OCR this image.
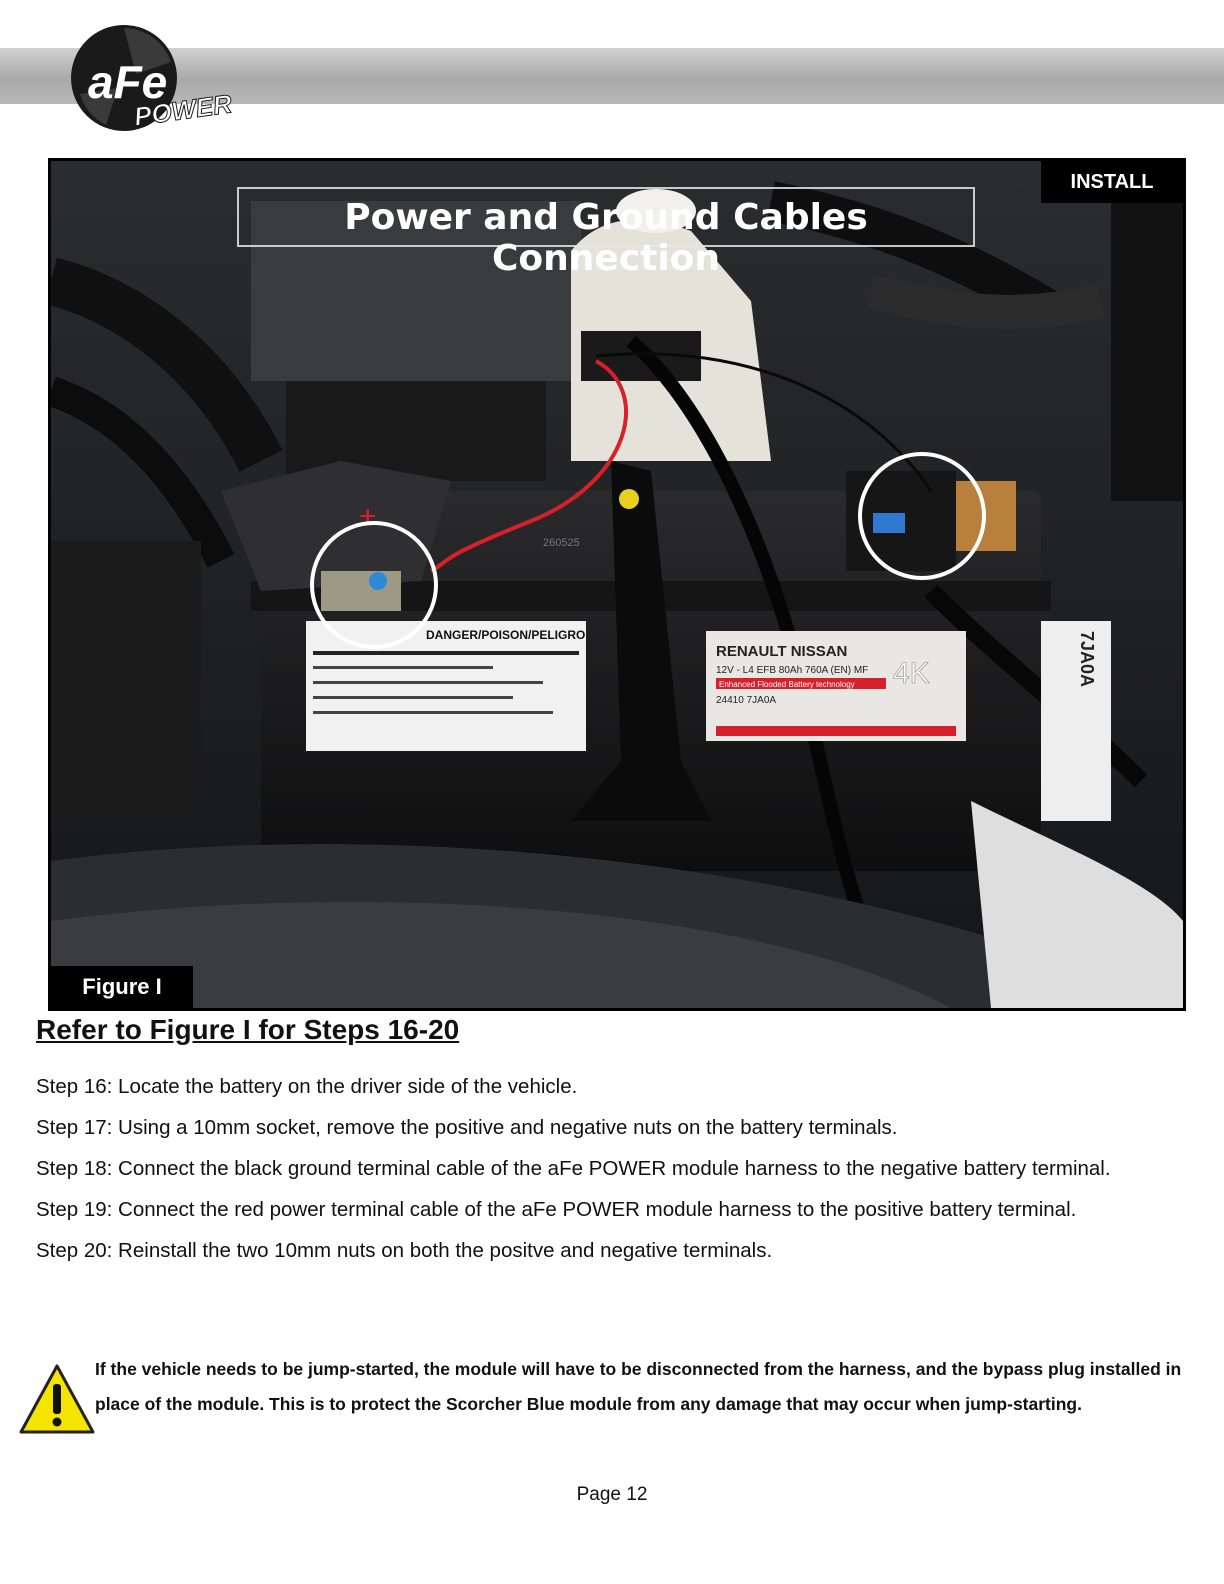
aFe
POWER
+
DANGER/POISON/PELIGRO
RENAULT NISSAN
12V - L4 EFB 80Ah 760A (EN) MF
Enhanced Flooded Battery technology
24410 7JA0A
4K
260525
7JA0A
Power and Ground Cables Connection
INSTALL
Figure I
Refer to Figure I for Steps 16-20

Step 16: Locate the battery on the driver side of the vehicle.

Step 17: Using a 10mm socket, remove the positive and negative nuts on the battery terminals.

Step 18: Connect the black ground terminal cable of the aFe POWER module harness to the negative battery terminal.

Step 19: Connect the red power terminal cable of the aFe POWER module harness to the positive battery terminal.

Step 20: Reinstall the two 10mm nuts on both the positve and negative terminals.

If the vehicle needs to be jump-started, the module will have to be disconnected from the harness, and the bypass plug installed in place of the module. This is to protect the Scorcher Blue module from any damage that may occur when jump-starting.
Page 12
